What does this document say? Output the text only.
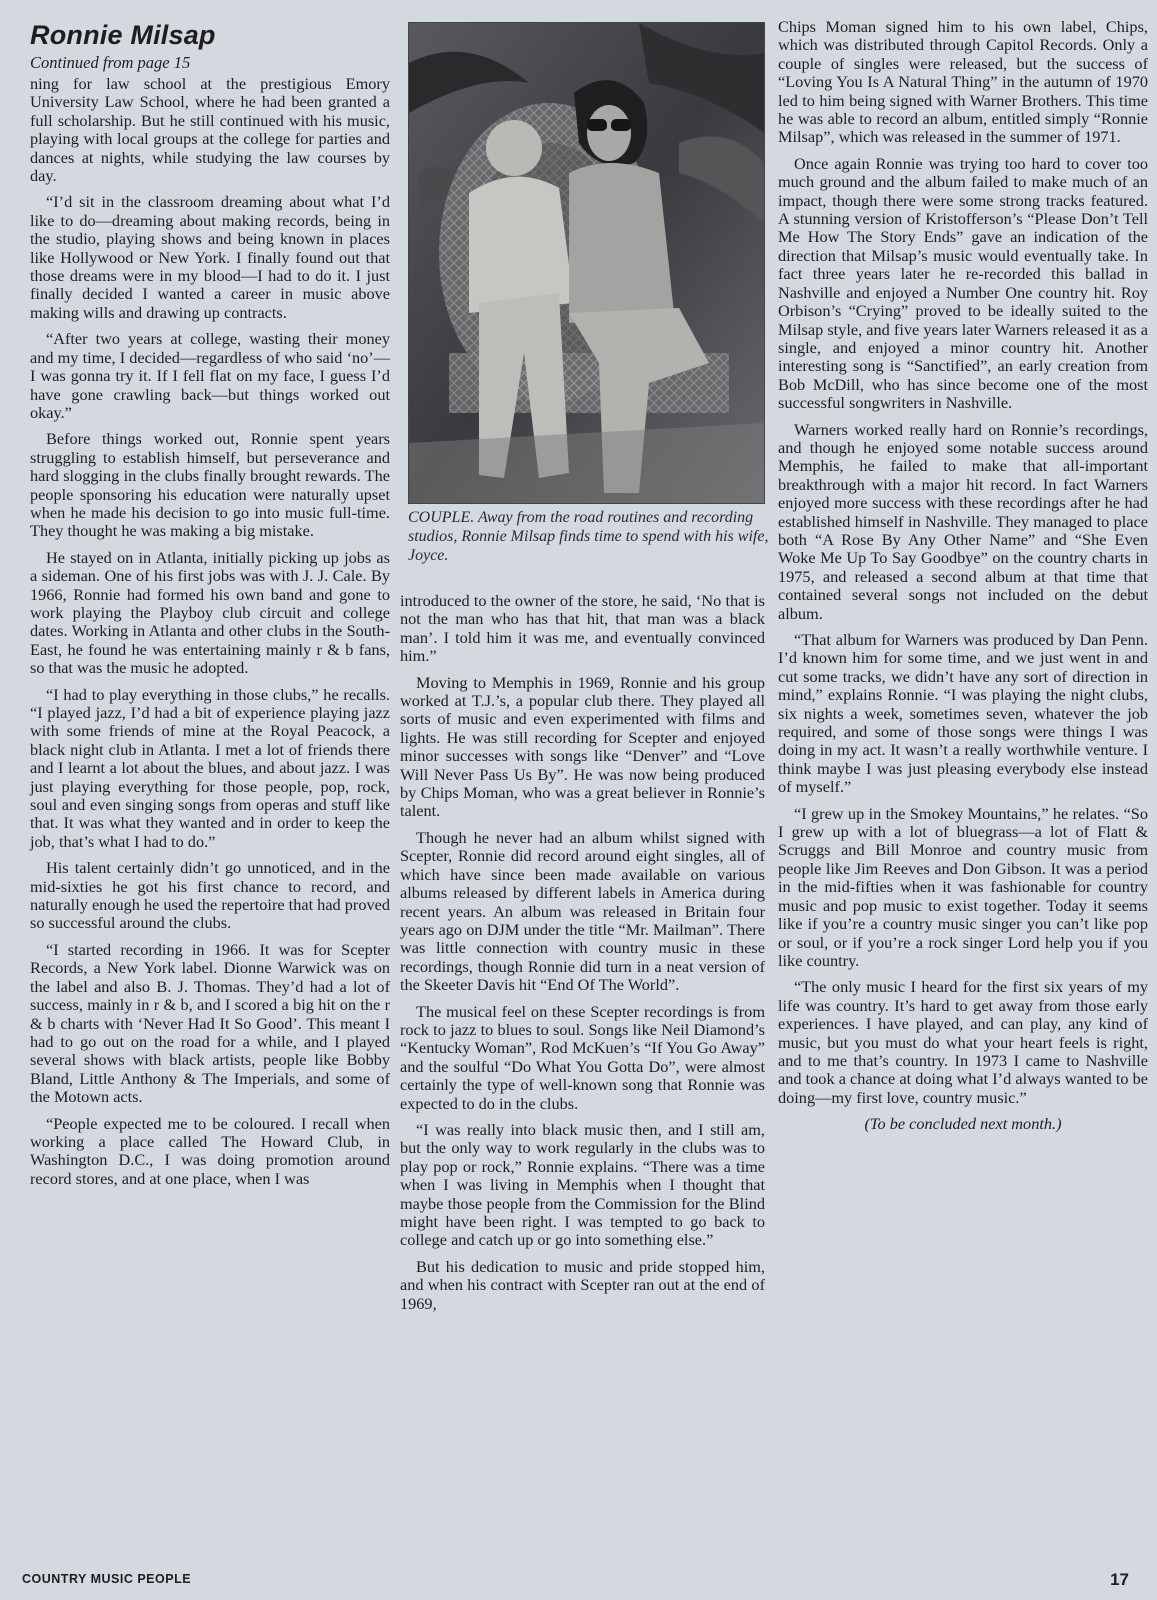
Ronnie Milsap
Continued from page 15

ning for law school at the prestigious Emory University Law School, where he had been granted a full scholarship. But he still continued with his music, playing with local groups at the college for parties and dances at nights, while studying the law courses by day.

“I’d sit in the classroom dreaming about what I’d like to do—dreaming about making records, being in the studio, playing shows and being known in places like Hollywood or New York. I finally found out that those dreams were in my blood—I had to do it. I just finally decided I wanted a career in music above making wills and drawing up contracts.

“After two years at college, wasting their money and my time, I decided—regardless of who said ‘no’—I was gonna try it. If I fell flat on my face, I guess I’d have gone crawling back—but things worked out okay.”

Before things worked out, Ronnie spent years struggling to establish himself, but perseverance and hard slogging in the clubs finally brought rewards. The people sponsoring his education were naturally upset when he made his decision to go into music full-time. They thought he was making a big mistake.

He stayed on in Atlanta, initially picking up jobs as a sideman. One of his first jobs was with J. J. Cale. By 1966, Ronnie had formed his own band and gone to work playing the Playboy club circuit and college dates. Working in Atlanta and other clubs in the South-East, he found he was entertaining mainly r & b fans, so that was the music he adopted.

“I had to play everything in those clubs,” he recalls. “I played jazz, I’d had a bit of experience playing jazz with some friends of mine at the Royal Peacock, a black night club in Atlanta. I met a lot of friends there and I learnt a lot about the blues, and about jazz. I was just playing everything for those people, pop, rock, soul and even singing songs from operas and stuff like that. It was what they wanted and in order to keep the job, that’s what I had to do.”

His talent certainly didn’t go unnoticed, and in the mid-sixties he got his first chance to record, and naturally enough he used the repertoire that had proved so successful around the clubs.

“I started recording in 1966. It was for Scepter Records, a New York label. Dionne Warwick was on the label and also B. J. Thomas. They’d had a lot of success, mainly in r & b, and I scored a big hit on the r & b charts with ‘Never Had It So Good’. This meant I had to go out on the road for a while, and I played several shows with black artists, people like Bobby Bland, Little Anthony & The Imperials, and some of the Motown acts.

“People expected me to be coloured. I recall when working a place called The Howard Club, in Washington D.C., I was doing promotion around record stores, and at one place, when I was

COUPLE. Away from the road routines and recording studios, Ronnie Milsap finds time to spend with his wife, Joyce.

introduced to the owner of the store, he said, ‘No that is not the man who has that hit, that man was a black man’. I told him it was me, and eventually convinced him.”

Moving to Memphis in 1969, Ronnie and his group worked at T.J.’s, a popular club there. They played all sorts of music and even experimented with films and lights. He was still recording for Scepter and enjoyed minor successes with songs like “Denver” and “Love Will Never Pass Us By”. He was now being produced by Chips Moman, who was a great believer in Ronnie’s talent.

Though he never had an album whilst signed with Scepter, Ronnie did record around eight singles, all of which have since been made available on various albums released by different labels in America during recent years. An album was released in Britain four years ago on DJM under the title “Mr. Mailman”. There was little connection with country music in these recordings, though Ronnie did turn in a neat version of the Skeeter Davis hit “End Of The World”.

The musical feel on these Scepter recordings is from rock to jazz to blues to soul. Songs like Neil Diamond’s “Kentucky Woman”, Rod McKuen’s “If You Go Away” and the soulful “Do What You Gotta Do”, were almost certainly the type of well-known song that Ronnie was expected to do in the clubs.

“I was really into black music then, and I still am, but the only way to work regularly in the clubs was to play pop or rock,” Ronnie explains. “There was a time when I was living in Memphis when I thought that maybe those people from the Commission for the Blind might have been right. I was tempted to go back to college and catch up or go into something else.”

But his dedication to music and pride stopped him, and when his contract with Scepter ran out at the end of 1969,

Chips Moman signed him to his own label, Chips, which was distributed through Capitol Records. Only a couple of singles were released, but the success of “Loving You Is A Natural Thing” in the autumn of 1970 led to him being signed with Warner Brothers. This time he was able to record an album, entitled simply “Ronnie Milsap”, which was released in the summer of 1971.

Once again Ronnie was trying too hard to cover too much ground and the album failed to make much of an impact, though there were some strong tracks featured. A stunning version of Kristofferson’s “Please Don’t Tell Me How The Story Ends” gave an indication of the direction that Milsap’s music would eventually take. In fact three years later he re-recorded this ballad in Nashville and enjoyed a Number One country hit. Roy Orbison’s “Crying” proved to be ideally suited to the Milsap style, and five years later Warners released it as a single, and enjoyed a minor country hit. Another interesting song is “Sanctified”, an early creation from Bob McDill, who has since become one of the most successful songwriters in Nashville.

Warners worked really hard on Ronnie’s recordings, and though he enjoyed some notable success around Memphis, he failed to make that all-important breakthrough with a major hit record. In fact Warners enjoyed more success with these recordings after he had established himself in Nashville. They managed to place both “A Rose By Any Other Name” and “She Even Woke Me Up To Say Goodbye” on the country charts in 1975, and released a second album at that time that contained several songs not included on the debut album.

“That album for Warners was produced by Dan Penn. I’d known him for some time, and we just went in and cut some tracks, we didn’t have any sort of direction in mind,” explains Ronnie. “I was playing the night clubs, six nights a week, sometimes seven, whatever the job required, and some of those songs were things I was doing in my act. It wasn’t a really worthwhile venture. I think maybe I was just pleasing everybody else instead of myself.”

“I grew up in the Smokey Mountains,” he relates. “So I grew up with a lot of bluegrass—a lot of Flatt & Scruggs and Bill Monroe and country music from people like Jim Reeves and Don Gibson. It was a period in the mid-fifties when it was fashionable for country music and pop music to exist together. Today it seems like if you’re a country music singer you can’t like pop or soul, or if you’re a rock singer Lord help you if you like country.

“The only music I heard for the first six years of my life was country. It’s hard to get away from those early experiences. I have played, and can play, any kind of music, but you must do what your heart feels is right, and to me that’s country. In 1973 I came to Nashville and took a chance at doing what I’d always wanted to be doing—my first love, country music.”

(To be concluded next month.)

COUNTRY MUSIC PEOPLE	17
